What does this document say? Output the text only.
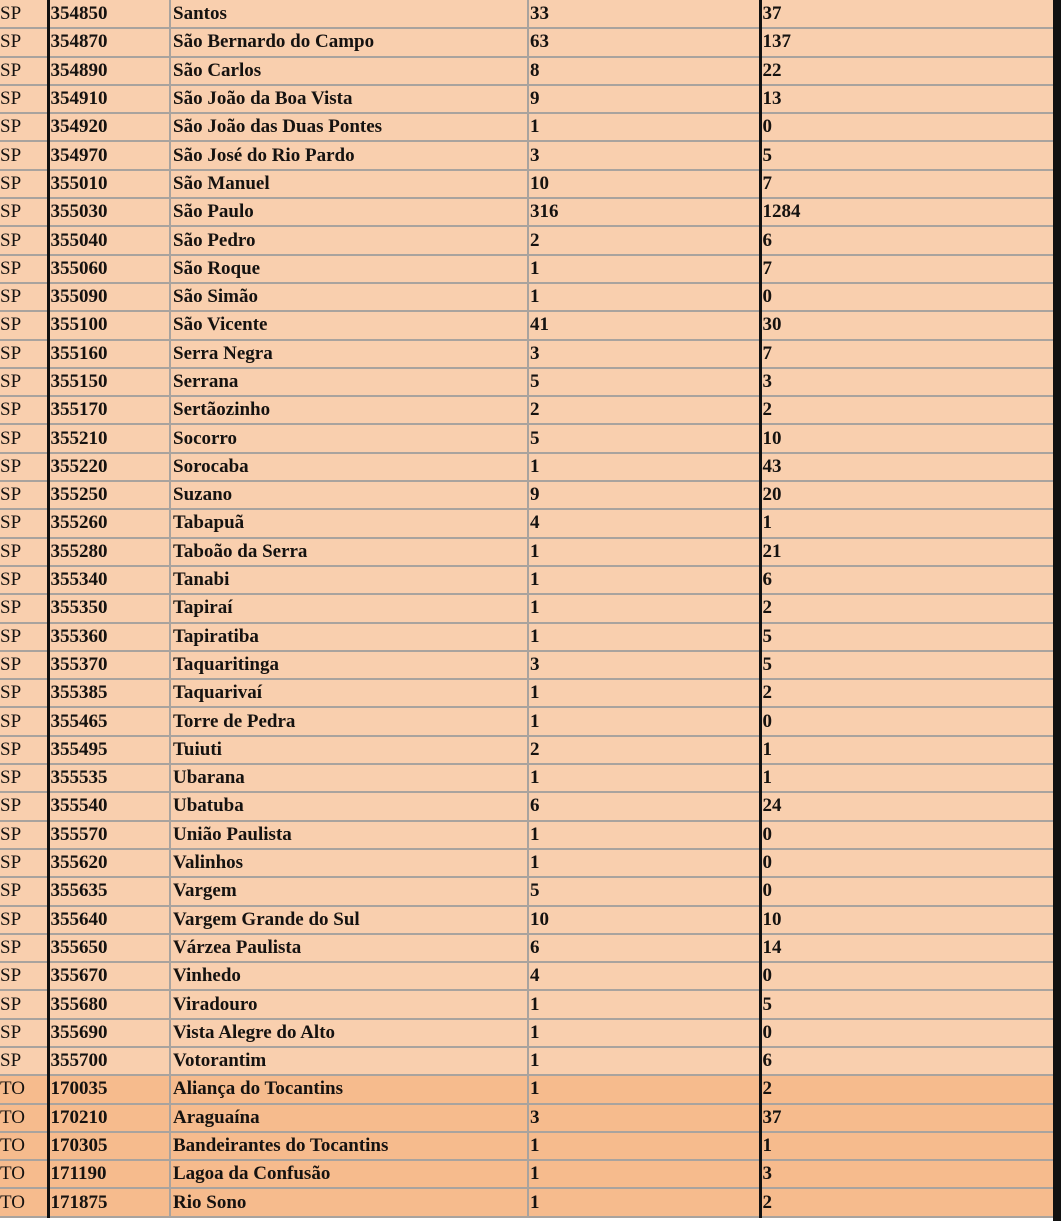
SP	354850	Santos	33	37
SP	354870	São Bernardo do Campo	63	137
SP	354890	São Carlos	8	22
SP	354910	São João da Boa Vista	9	13
SP	354920	São João das Duas Pontes	1	0
SP	354970	São José do Rio Pardo	3	5
SP	355010	São Manuel	10	7
SP	355030	São Paulo	316	1284
SP	355040	São Pedro	2	6
SP	355060	São Roque	1	7
SP	355090	São Simão	1	0
SP	355100	São Vicente	41	30
SP	355160	Serra Negra	3	7
SP	355150	Serrana	5	3
SP	355170	Sertãozinho	2	2
SP	355210	Socorro	5	10
SP	355220	Sorocaba	1	43
SP	355250	Suzano	9	20
SP	355260	Tabapuã	4	1
SP	355280	Taboão da Serra	1	21
SP	355340	Tanabi	1	6
SP	355350	Tapiraí	1	2
SP	355360	Tapiratiba	1	5
SP	355370	Taquaritinga	3	5
SP	355385	Taquarivaí	1	2
SP	355465	Torre de Pedra	1	0
SP	355495	Tuiuti	2	1
SP	355535	Ubarana	1	1
SP	355540	Ubatuba	6	24
SP	355570	União Paulista	1	0
SP	355620	Valinhos	1	0
SP	355635	Vargem	5	0
SP	355640	Vargem Grande do Sul	10	10
SP	355650	Várzea Paulista	6	14
SP	355670	Vinhedo	4	0
SP	355680	Viradouro	1	5
SP	355690	Vista Alegre do Alto	1	0
SP	355700	Votorantim	1	6
TO	170035	Aliança do Tocantins	1	2
TO	170210	Araguaína	3	37
TO	170305	Bandeirantes do Tocantins	1	1
TO	171190	Lagoa da Confusão	1	3
TO	171875	Rio Sono	1	2
